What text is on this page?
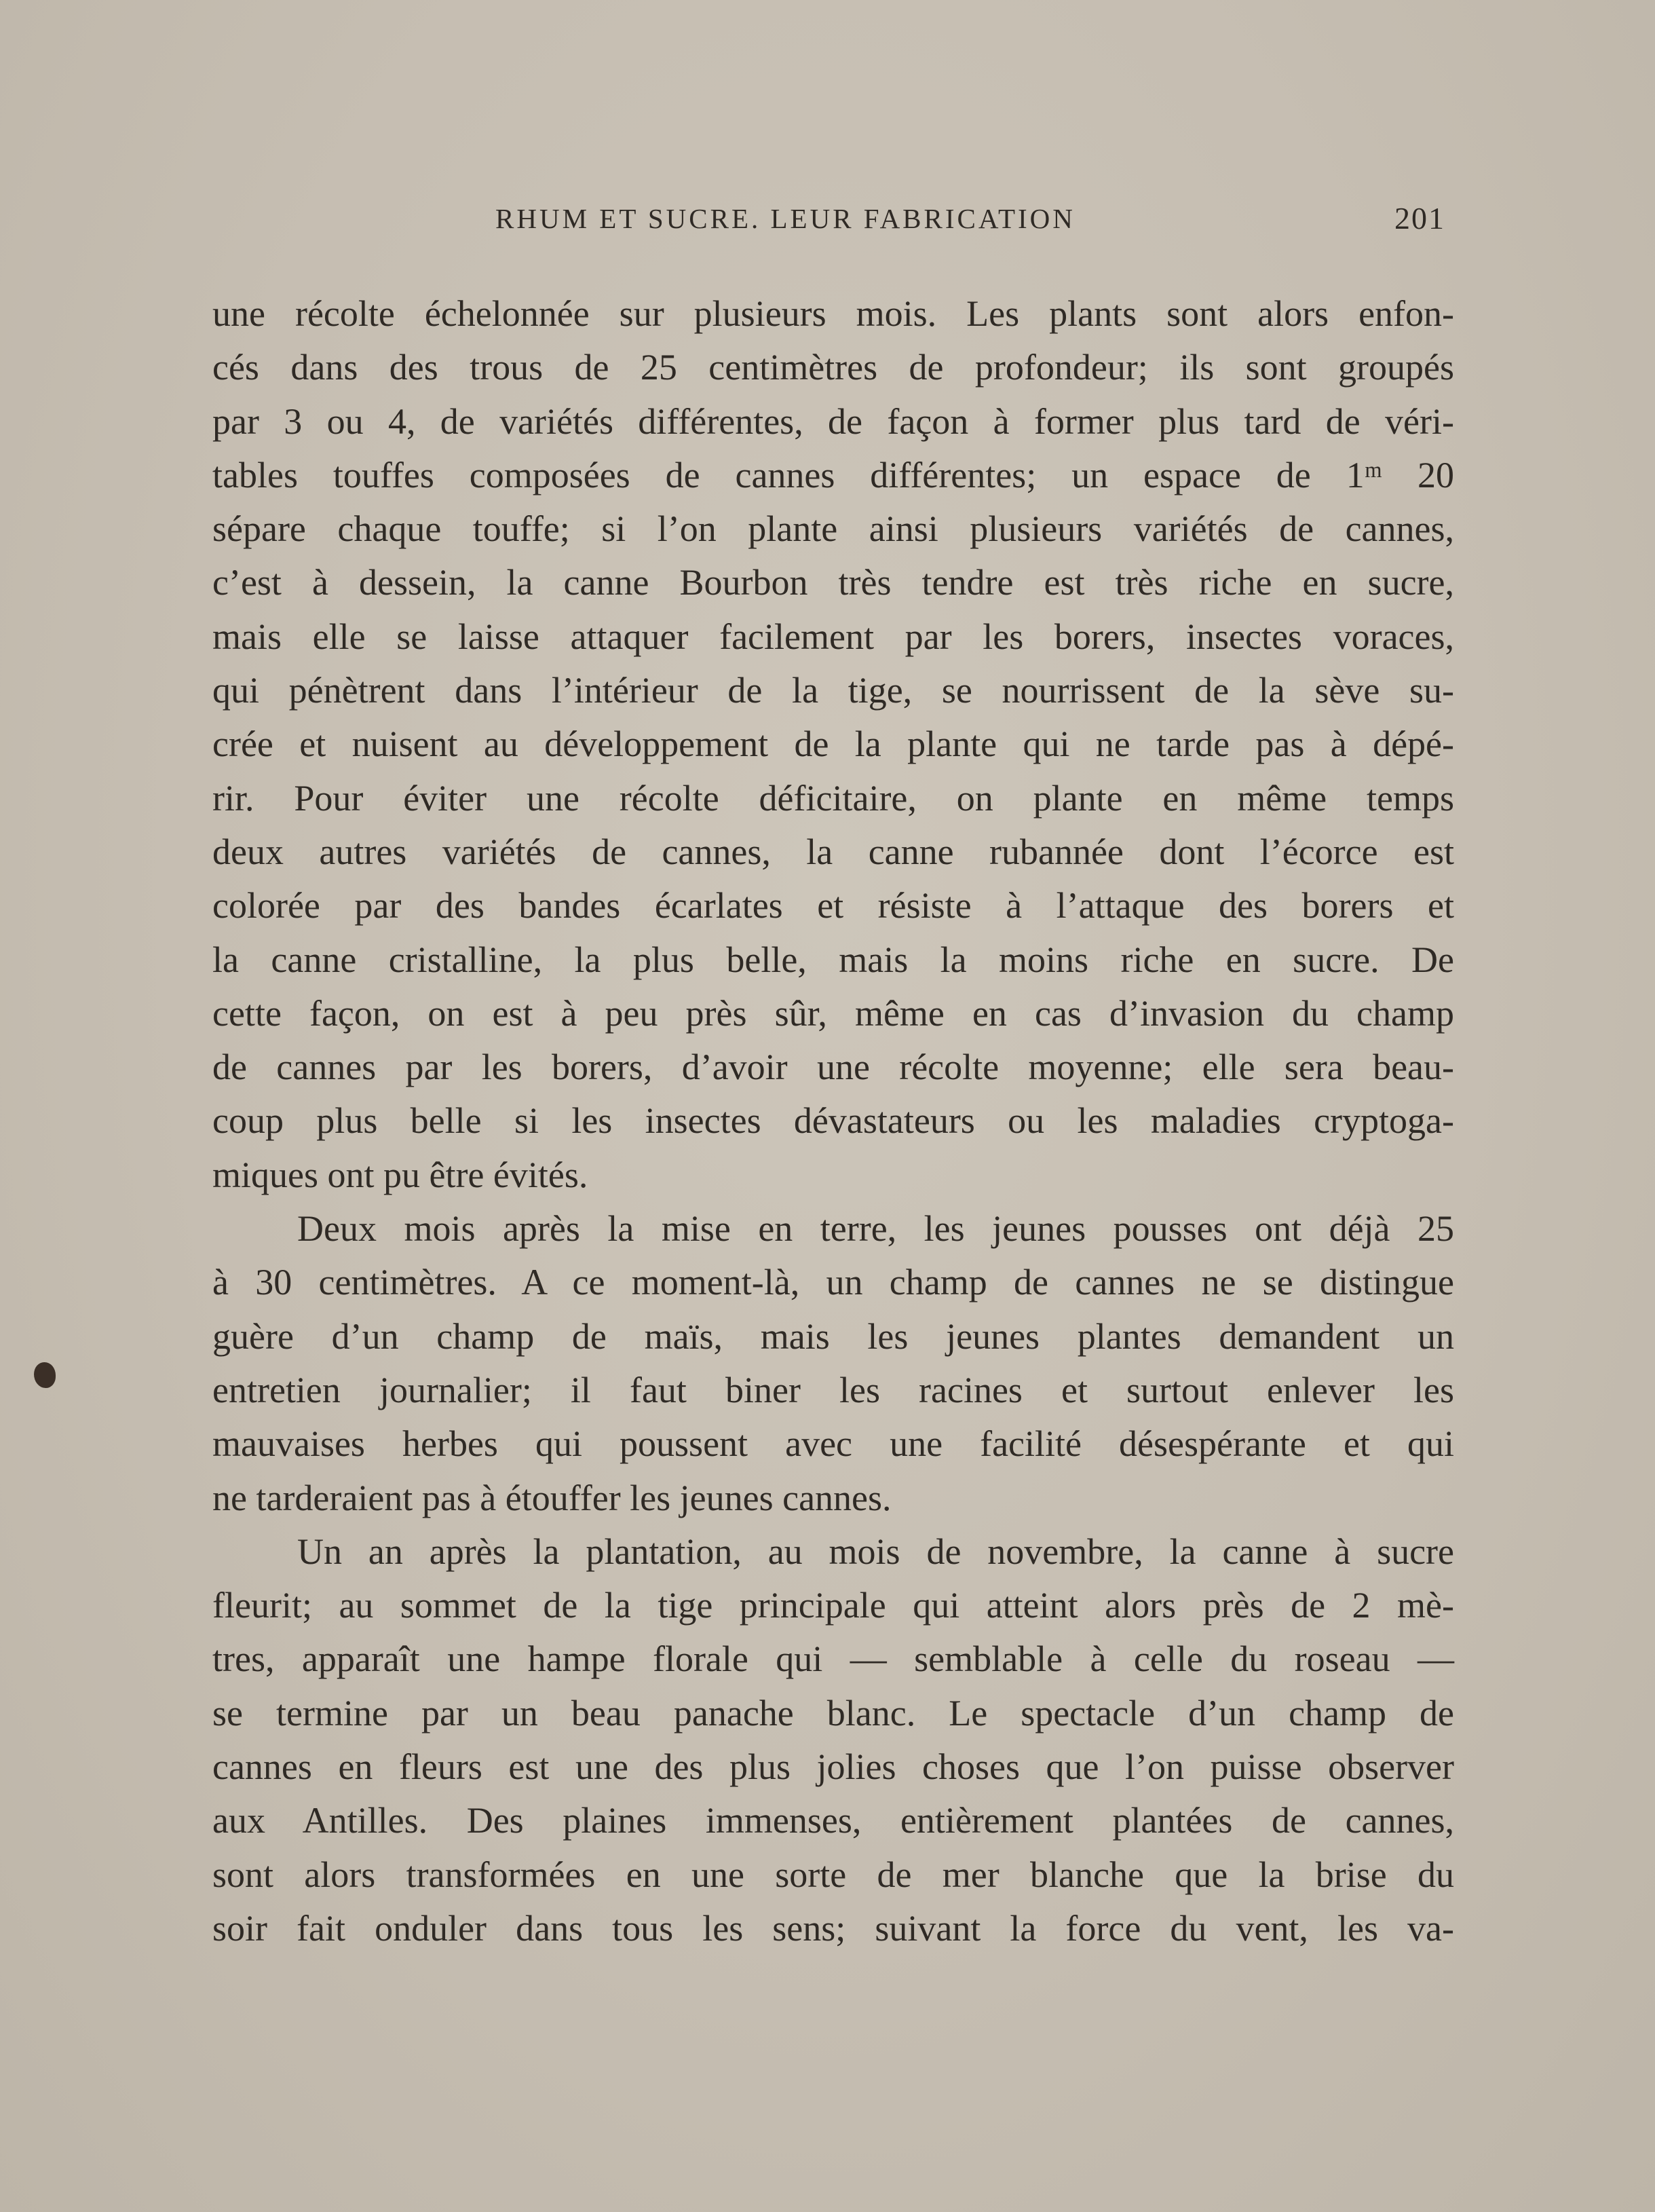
RHUM ET SUCRE. LEUR FABRICATION	201
une récolte échelonnée sur plusieurs mois. Les plants sont alors enfon-
cés dans des trous de 25 centimètres de profondeur; ils sont groupés
par 3 ou 4, de variétés différentes, de façon à former plus tard de véri-
tables touffes composées de cannes différentes; un espace de 1ᵐ 20
sépare chaque touffe; si l’on plante ainsi plusieurs variétés de cannes,
c’est à dessein, la canne Bourbon très tendre est très riche en sucre,
mais elle se laisse attaquer facilement par les borers, insectes voraces,
qui pénètrent dans l’intérieur de la tige, se nourrissent de la sève su-
crée et nuisent au développement de la plante qui ne tarde pas à dépé-
rir. Pour éviter une récolte déficitaire, on plante en même temps
deux autres variétés de cannes, la canne rubannée dont l’écorce est
colorée par des bandes écarlates et résiste à l’attaque des borers et
la canne cristalline, la plus belle, mais la moins riche en sucre. De
cette façon, on est à peu près sûr, même en cas d’invasion du champ
de cannes par les borers, d’avoir une récolte moyenne; elle sera beau-
coup plus belle si les insectes dévastateurs ou les maladies cryptoga-
miques ont pu être évités.
Deux mois après la mise en terre, les jeunes pousses ont déjà 25
à 30 centimètres. A ce moment-là, un champ de cannes ne se distingue
guère d’un champ de maïs, mais les jeunes plantes demandent un
entretien journalier; il faut biner les racines et surtout enlever les
mauvaises herbes qui poussent avec une facilité désespérante et qui
ne tarderaient pas à étouffer les jeunes cannes.
Un an après la plantation, au mois de novembre, la canne à sucre
fleurit; au sommet de la tige principale qui atteint alors près de 2 mè-
tres, apparaît une hampe florale qui — semblable à celle du roseau —
se termine par un beau panache blanc. Le spectacle d’un champ de
cannes en fleurs est une des plus jolies choses que l’on puisse observer
aux Antilles. Des plaines immenses, entièrement plantées de cannes,
sont alors transformées en une sorte de mer blanche que la brise du
soir fait onduler dans tous les sens; suivant la force du vent, les va-
